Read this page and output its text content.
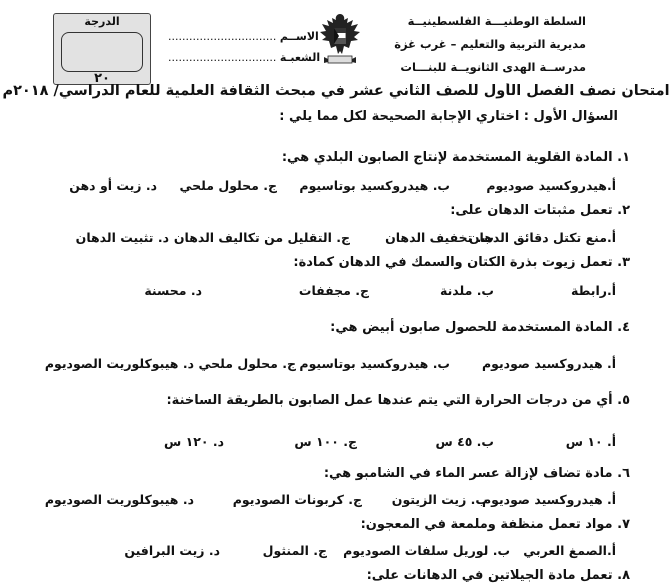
السلطة الوطنيـــة الفلسطينيــة
مديرية التربية والتعليم – غرب غزة
مدرســة الهدى الثانويــة للبنـــات
الاســم ...............................
الشعبـة ...............................
الدرجة
٢٠
امتحان نصف الفصل الأول للصف الثاني عشر في مبحث الثقافة العلمية للعام الدراسي/ ٢٠١٨م
السؤال الأول : اختاري الإجابة الصحيحة لكل مما يلي :
١. المادة القلوية المستخدمة لإنتاج الصابون البلدي هي:
أ.هيدروكسيد صوديوم
ب. هيدروكسيد بوتاسيوم
ج. محلول ملحي
د. زيت أو دهن
٢. تعمل مثبتات الدهان على:
أ.منع تكتل دقائق الدهان
ب. تخفيف الدهان
ج. التقليل من تكاليف الدهان
د. تثبيت الدهان
٣. تعمل زيوت بذرة الكتان والسمك في الدهان كمادة:
أ.رابطة
ب. ملدنة
ج. مجففات
د. محسنة
٤. المادة المستخدمة للحصول صابون أبيض هي:
أ. هيدروكسيد صوديوم
ب. هيدروكسيد بوتاسيوم
ج. محلول ملحي
د. هيبوكلوريت الصوديوم
٥. أي من درجات الحرارة التي يتم عندها عمل الصابون بالطريقة الساخنة:
أ. ١٠ س
ب. ٤٥ س
ج. ١٠٠ س
د. ١٢٠ س
٦. مادة تضاف لإزالة عسر الماء في الشامبو هي:
أ. هيدروكسيد صوديوم
ب. زيت الزيتون
ج. كربونات الصوديوم
د. هيبوكلوريت الصوديوم
٧. مواد تعمل منظفة وملمعة في المعجون:
أ.الصمغ العربي
ب. لوريل سلفات الصوديوم
ج. المنثول
د. زيت البرافين
٨. تعمل مادة الجيلاتين في الدهانات على:
